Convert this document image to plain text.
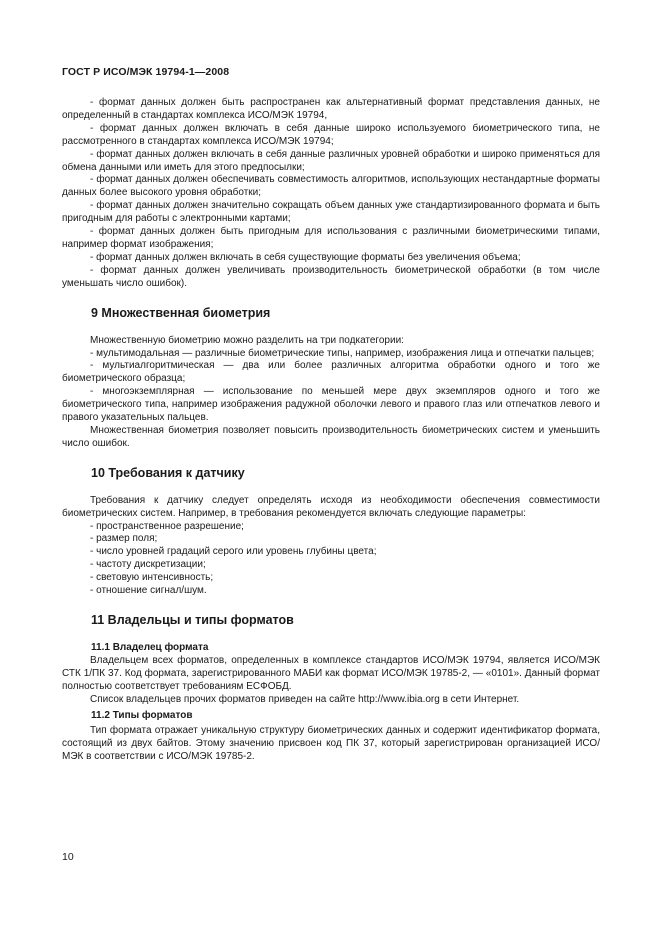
ГОСТ Р ИСО/МЭК 19794-1—2008

- формат данных должен быть распространен как альтернативный формат представления данных, не определенный в стандартах комплекса ИСО/МЭК 19794,

- формат данных должен включать в себя данные широко используемого биометрического типа, не рассмотренного в стандартах комплекса ИСО/МЭК 19794;

- формат данных должен включать в себя данные различных уровней обработки и широко применяться для обмена данными или иметь для этого предпосылки;

- формат данных должен обеспечивать совместимость алгоритмов, использующих нестандартные форматы данных более высокого уровня обработки;

- формат данных должен значительно сокращать объем данных уже стандартизированного формата и быть пригодным для работы с электронными картами;

- формат данных должен быть пригодным для использования с различными биометрическими типами, например формат изображения;

- формат данных должен включать в себя существующие форматы без увеличения объема;

- формат данных должен увеличивать производительность биометрической обработки (в том числе уменьшать число ошибок).

9 Множественная биометрия

Множественную биометрию можно разделить на три подкатегории:

- мультимодальная — различные биометрические типы, например, изображения лица и отпечатки пальцев;

- мультиалгоритмическая — два или более различных алгоритма обработки одного и того же биометрического образца;

- многоэкземплярная — использование по меньшей мере двух экземпляров одного и того же биометрического типа, например изображения радужной оболочки левого и правого глаз или отпечатков левого и правого указательных пальцев.

Множественная биометрия позволяет повысить производительность биометрических систем и уменьшить число ошибок.

10 Требования к датчику

Требования к датчику следует определять исходя из необходимости обеспечения совместимости биометрических систем. Например, в требования рекомендуется включать следующие параметры:

- пространственное разрешение;

- размер поля;

- число уровней градаций серого или уровень глубины цвета;

- частоту дискретизации;

- световую интенсивность;

- отношение сигнал/шум.

11 Владельцы и типы форматов
11.1 Владелец формата

Владельцем всех форматов, определенных в комплексе стандартов ИСО/МЭК 19794, является ИСО/МЭК СТК 1/ПК 37. Код формата, зарегистрированного МАБИ как формат ИСО/МЭК 19785-2, — «0101». Данный формат полностью соответствует требованиям ЕСФОБД.

Список владельцев прочих форматов приведен на сайте http://www.ibia.org в сети Интернет.

11.2 Типы форматов

Тип формата отражает уникальную структуру биометрических данных и содержит идентификатор формата, состоящий из двух байтов. Этому значению присвоен код ПК 37, который зарегистрирован организацией ИСО/МЭК в соответствии с ИСО/МЭК 19785-2.

10
